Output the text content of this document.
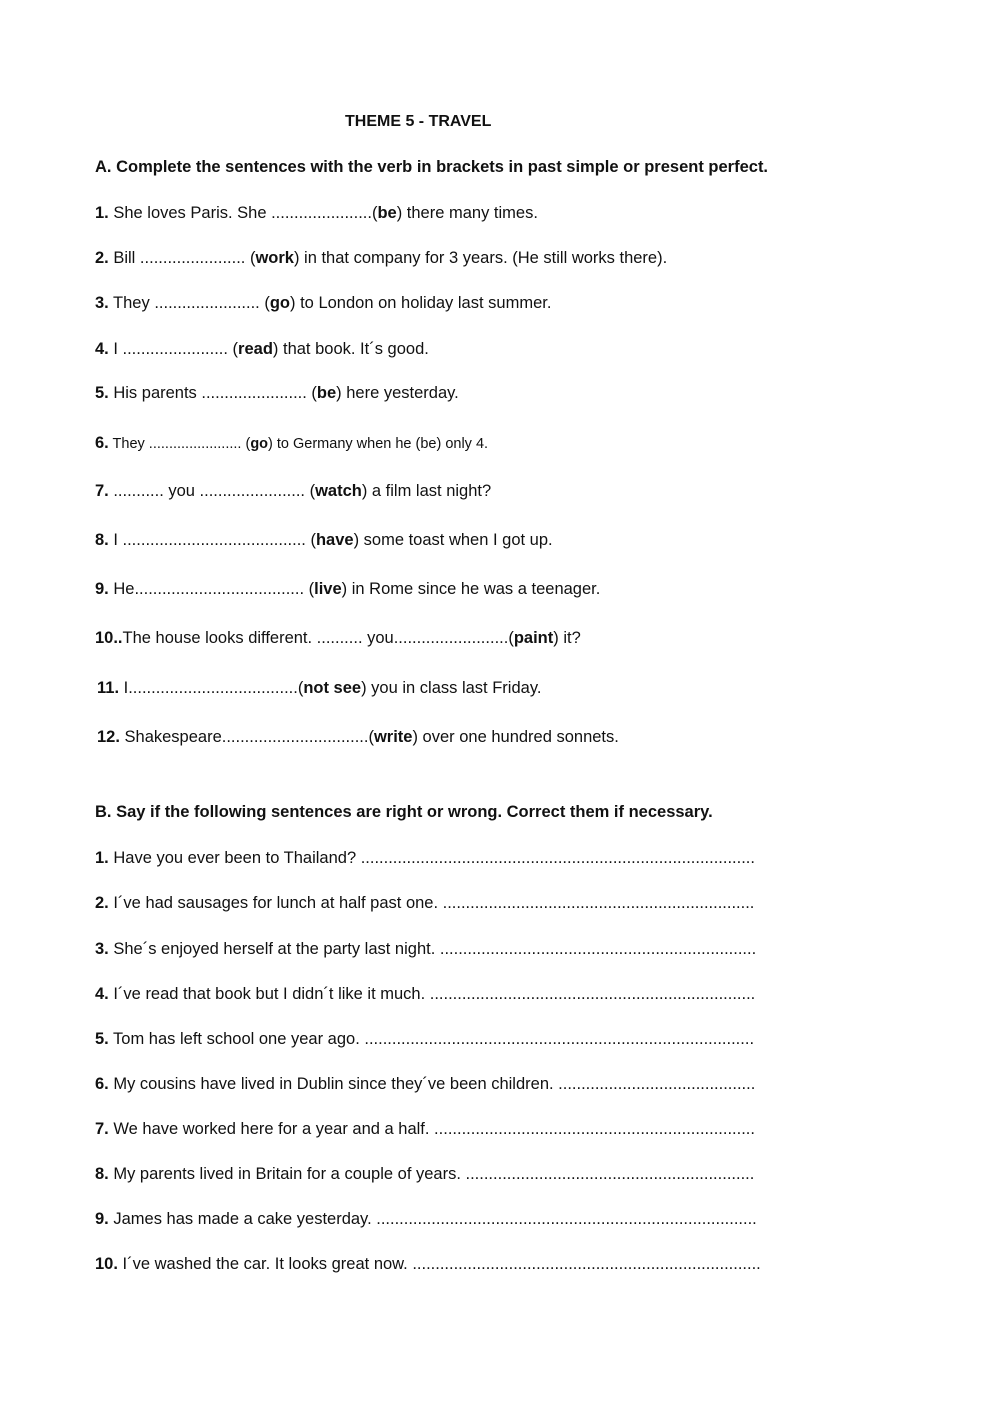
THEME 5 - TRAVEL
A. Complete the sentences with the verb in brackets in past simple or present perfect.
1. She loves Paris. She ......................(be) there many times.
2. Bill ....................... (work) in that company for 3 years. (He still works there).
3. They ....................... (go) to London on holiday last summer.
4. I ....................... (read) that book. It´s good.
5. His parents ....................... (be) here yesterday.
6. They ....................... (go) to Germany when he (be) only 4.
7. ........... you ....................... (watch) a film last night?
8. I ........................................ (have) some toast when I got up.
9. He..................................... (live) in Rome since he was a teenager.
10..The house looks different. .......... you.........................(paint) it?
11. I.....................................(not see) you in class last Friday.
12. Shakespeare................................(write) over one hundred sonnets.
B. Say if the following sentences are right or wrong. Correct them if necessary.
1. Have you ever been to Thailand? ......................................................................................
2. I´ve had sausages for lunch at half past one. ....................................................................
3. She´s enjoyed herself at the party last night. .....................................................................
4. I´ve read that book but I didn´t like it much. .......................................................................
5. Tom has left school one year ago. .....................................................................................
6. My cousins have lived in Dublin since they´ve been children. ...........................................
7. We have worked here for a year and a half. ......................................................................
8. My parents lived in Britain for a couple of years. ...............................................................
9. James has made a cake yesterday. ...................................................................................
10. I´ve washed the car. It looks great now. ............................................................................
